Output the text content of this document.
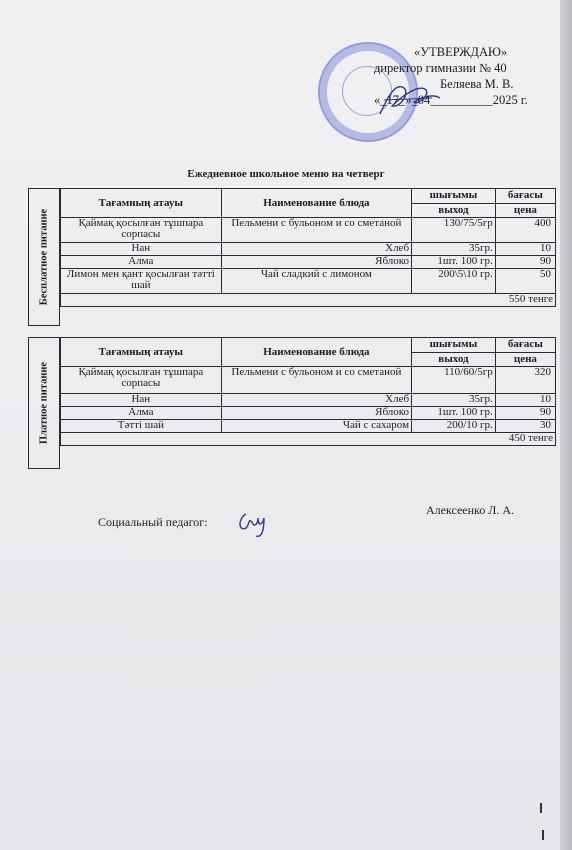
«УТВЕРЖДАЮ»
директор гимназии № 40
Беляева М. В.
«_17_»_04__________2025 г.
Ежедневное школьное меню на четверг
Бесплатное питание
Тағамның атауы	Наименование блюда	шығымы	бағасы
		выход	цена
Қаймақ қосылған тұшпара сорпасы	Пельмени с бульоном и со сметаной	130/75/5гр	400
Нан	Хлеб	35гр.	10
Алма	Яблоко	1шт. 100 гр.	90
Лимон мен қант қосылған тәтті шай	Чай сладкий с лимоном	200\5\10 гр.	50
550 тенге			
Платное питание
Тағамның атауы	Наименование блюда	шығымы	бағасы
		выход	цена
Қаймақ қосылған тұшпара сорпасы	Пельмени с бульоном и со сметаной	110/60/5гр	320
Нан	Хлеб	35гр.	10
Алма	Яблоко	1шт. 100 гр.	90
Тәтті шай	Чай с сахаром	200/10 гр.	30
450 тенге			
Социальный педагог:
Алексеенко Л. А.
